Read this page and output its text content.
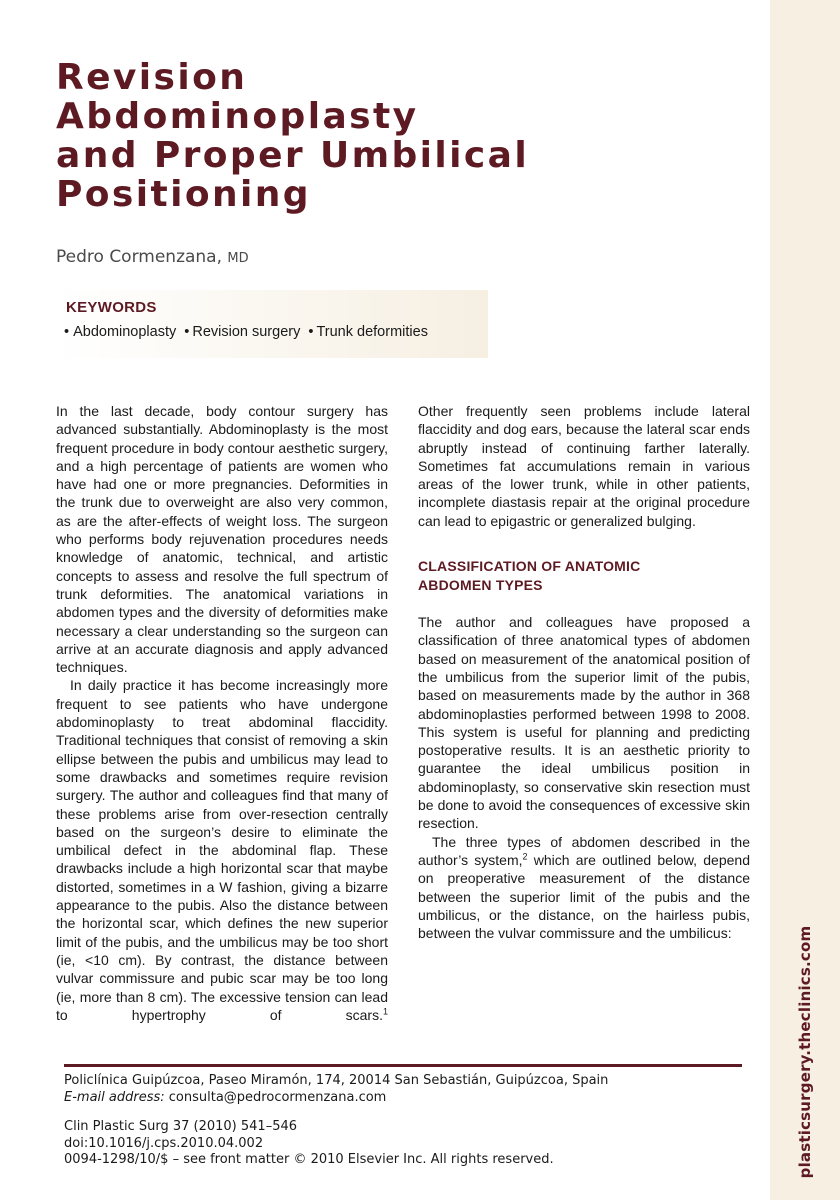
plasticsurgery.theclinics.com
Revision
Abdominoplasty
and Proper Umbilical
Positioning
Pedro Cormenzana, MD
KEYWORDS
• Abdominoplasty • Revision surgery • Trunk deformities

In the last decade, body contour surgery has advanced substantially. Abdominoplasty is the most frequent procedure in body contour aesthetic surgery, and a high percentage of patients are women who have had one or more pregnancies. Deformities in the trunk due to overweight are also very common, as are the after-effects of weight loss. The surgeon who performs body rejuvenation procedures needs knowledge of anatomic, technical, and artistic concepts to assess and resolve the full spectrum of trunk deformities. The anatomical variations in abdomen types and the diversity of deformities make necessary a clear understanding so the surgeon can arrive at an accurate diagnosis and apply advanced techniques.

In daily practice it has become increasingly more frequent to see patients who have undergone abdominoplasty to treat abdominal flaccidity. Traditional techniques that consist of removing a skin ellipse between the pubis and umbilicus may lead to some drawbacks and sometimes require revision surgery. The author and colleagues find that many of these problems arise from over-resection centrally based on the surgeon’s desire to eliminate the umbilical defect in the abdominal flap. These drawbacks include a high horizontal scar that maybe distorted, sometimes in a W fashion, giving a bizarre appearance to the pubis. Also the distance between the horizontal scar, which defines the new superior limit of the pubis, and the umbilicus may be too short (ie, <10 cm). By contrast, the distance between vulvar commissure and pubic scar may be too long (ie, more than 8 cm). The excessive tension can lead to hypertrophy of scars.$^1$

Other frequently seen problems include lateral flaccidity and dog ears, because the lateral scar ends abruptly instead of continuing farther laterally. Sometimes fat accumulations remain in various areas of the lower trunk, while in other patients, incomplete diastasis repair at the original procedure can lead to epigastric or generalized bulging.

CLASSIFICATION OF ANATOMIC
ABDOMEN TYPES

The author and colleagues have proposed a classification of three anatomical types of abdomen based on measurement of the anatomical position of the umbilicus from the superior limit of the pubis, based on measurements made by the author in 368 abdominoplasties performed between 1998 to 2008. This system is useful for planning and predicting postoperative results. It is an aesthetic priority to guarantee the ideal umbilicus position in abdominoplasty, so conservative skin resection must be done to avoid the consequences of excessive skin resection.

The three types of abdomen described in the author’s system,$^2$ which are outlined below, depend on preoperative measurement of the distance between the superior limit of the pubis and the umbilicus, or the distance, on the hairless pubis, between the vulvar commissure and the umbilicus:

Policlínica Guipúzcoa, Paseo Miramón, 174, 20014 San Sebastián, Guipúzcoa, Spain
E-mail address: consulta@pedrocormenzana.com
Clin Plastic Surg 37 (2010) 541–546
doi:10.1016/j.cps.2010.04.002
0094-1298/10/$ – see front matter © 2010 Elsevier Inc. All rights reserved.
